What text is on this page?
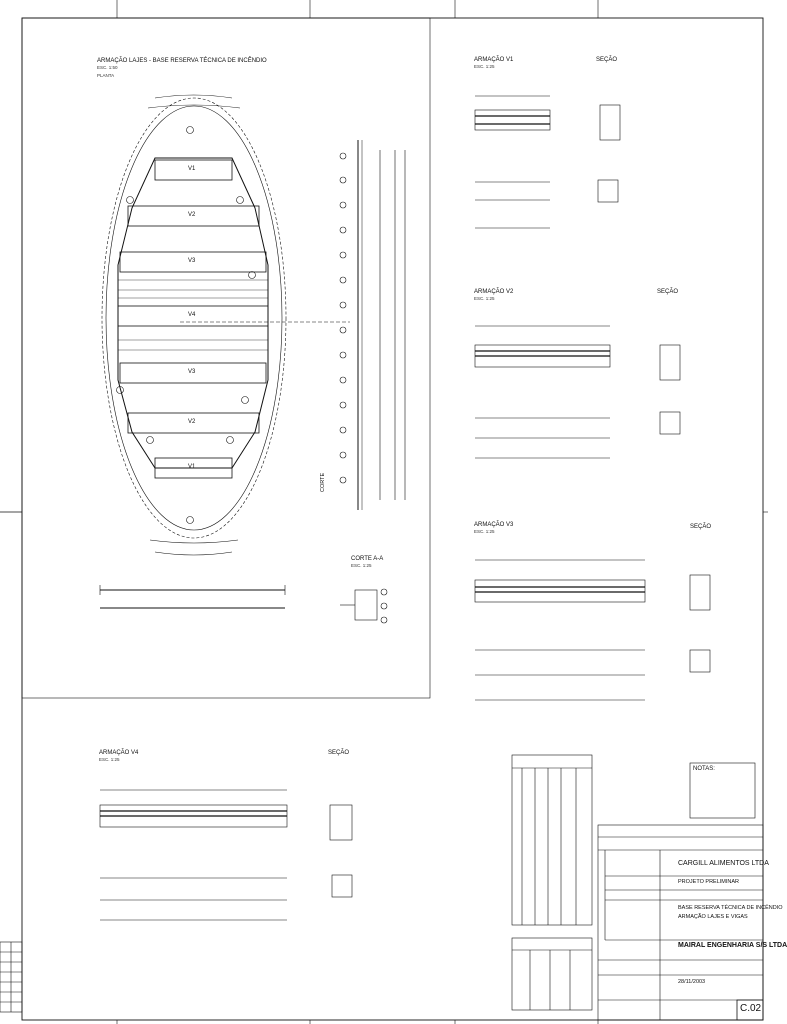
ARMAÇÃO LAJES - BASE RESERVA TÉCNICA DE INCÊNDIO
ESC. 1:50
PLANTA
V1
V2
V3
V4
V3
V2
V1
CORTE
CORTE A-A
ESC. 1:25
ARMAÇÃO V1
ESC. 1:25
SEÇÃO
ARMAÇÃO V2
ESC. 1:25
SEÇÃO
ARMAÇÃO V3
ESC. 1:25
SEÇÃO
ARMAÇÃO V4
ESC. 1:25
SEÇÃO
NOTAS:
CARGILL ALIMENTOS LTDA
PROJETO PRELIMINAR
BASE RESERVA TÉCNICA DE INCÊNDIO
ARMAÇÃO LAJES E VIGAS
MAIRAL ENGENHARIA S/S LTDA
28/11/2003
C.02
